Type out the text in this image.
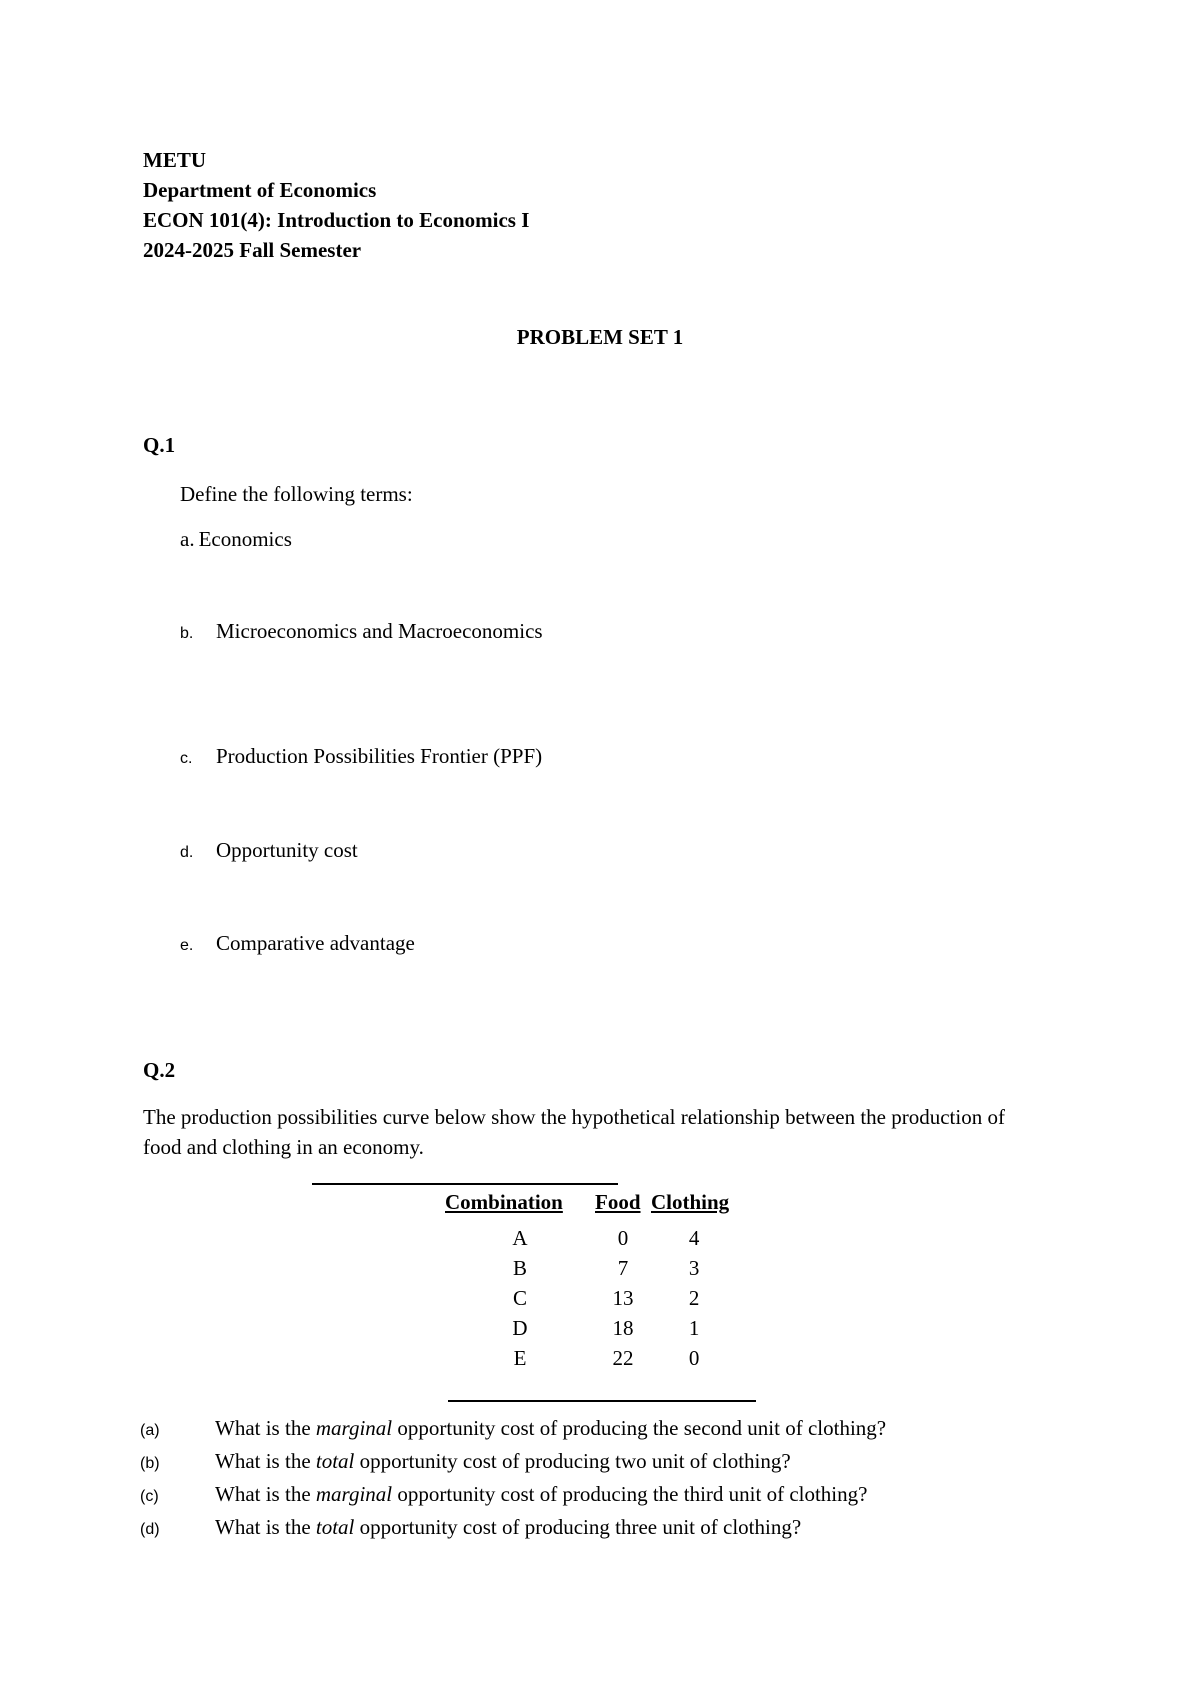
METU
Department of Economics
ECON 101(4): Introduction to Economics I
2024-2025 Fall Semester
PROBLEM SET 1
Q.1
Define the following terms:
a. Economics
b. Microeconomics and Macroeconomics
c. Production Possibilities Frontier (PPF)
d. Opportunity cost
e. Comparative advantage
Q.2
The production possibilities curve below show the hypothetical relationship between the production of food and clothing in an economy.
Combination	Food	Clothing
A	0	4
B	7	3
C	13	2
D	18	1
E	22	0
(a)	What is the marginal opportunity cost of producing the second unit of clothing?
(b)	What is the total opportunity cost of producing two unit of clothing?
(c)	What is the marginal opportunity cost of producing the third unit of clothing?
(d)	What is the total opportunity cost of producing three unit of clothing?
